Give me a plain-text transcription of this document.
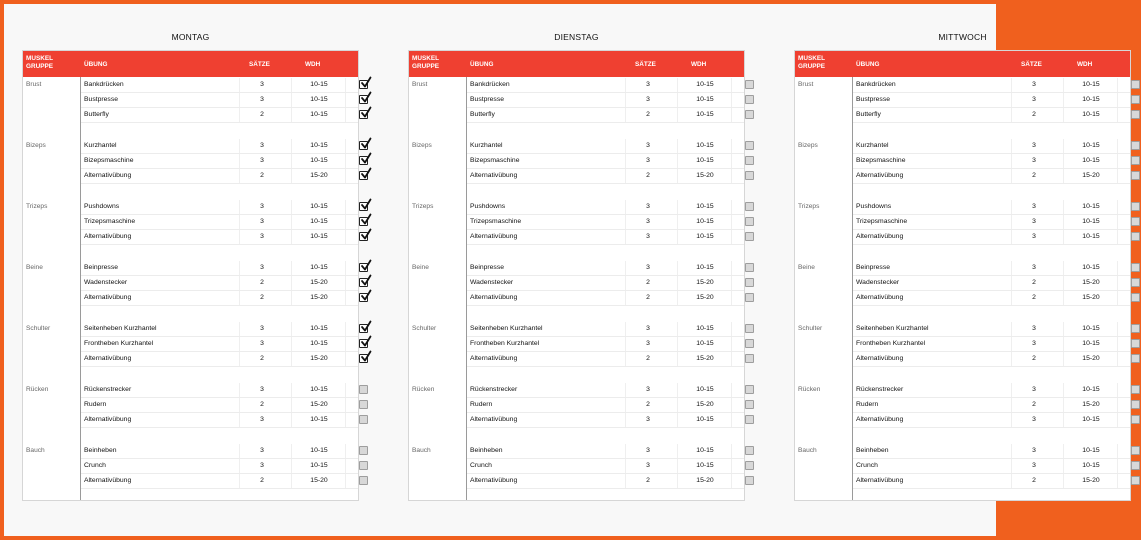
MONTAG
MUSKEL
GRUPPE	ÜBUNG	SÄTZE	WDH
Brust	Bankdrücken	3	10-15
Bustpresse	3	10-15
Butterfly	2	10-15
Bizeps	Kurzhantel	3	10-15
Bizepsmaschine	3	10-15
Alternativübung	2	15-20
Trizeps	Pushdowns	3	10-15
Trizepsmaschine	3	10-15
Alternativübung	3	10-15
Beine	Beinpresse	3	10-15
Wadenstecker	2	15-20
Alternativübung	2	15-20
Schulter	Seitenheben Kurzhantel	3	10-15
Frontheben Kurzhantel	3	10-15
Alternativübung	2	15-20
Rücken	Rückenstrecker	3	10-15
Rudern	2	15-20
Alternativübung	3	10-15
Bauch	Beinheben	3	10-15
Crunch	3	10-15
Alternativübung	2	15-20
DIENSTAG
MUSKEL
GRUPPE	ÜBUNG	SÄTZE	WDH
Brust	Bankdrücken	3	10-15
Bustpresse	3	10-15
Butterfly	2	10-15
Bizeps	Kurzhantel	3	10-15
Bizepsmaschine	3	10-15
Alternativübung	2	15-20
Trizeps	Pushdowns	3	10-15
Trizepsmaschine	3	10-15
Alternativübung	3	10-15
Beine	Beinpresse	3	10-15
Wadenstecker	2	15-20
Alternativübung	2	15-20
Schulter	Seitenheben Kurzhantel	3	10-15
Frontheben Kurzhantel	3	10-15
Alternativübung	2	15-20
Rücken	Rückenstrecker	3	10-15
Rudern	2	15-20
Alternativübung	3	10-15
Bauch	Beinheben	3	10-15
Crunch	3	10-15
Alternativübung	2	15-20
MITTWOCH
MUSKEL
GRUPPE	ÜBUNG	SÄTZE	WDH
Brust	Bankdrücken	3	10-15
Bustpresse	3	10-15
Butterfly	2	10-15
Bizeps	Kurzhantel	3	10-15
Bizepsmaschine	3	10-15
Alternativübung	2	15-20
Trizeps	Pushdowns	3	10-15
Trizepsmaschine	3	10-15
Alternativübung	3	10-15
Beine	Beinpresse	3	10-15
Wadenstecker	2	15-20
Alternativübung	2	15-20
Schulter	Seitenheben Kurzhantel	3	10-15
Frontheben Kurzhantel	3	10-15
Alternativübung	2	15-20
Rücken	Rückenstrecker	3	10-15
Rudern	2	15-20
Alternativübung	3	10-15
Bauch	Beinheben	3	10-15
Crunch	3	10-15
Alternativübung	2	15-20
